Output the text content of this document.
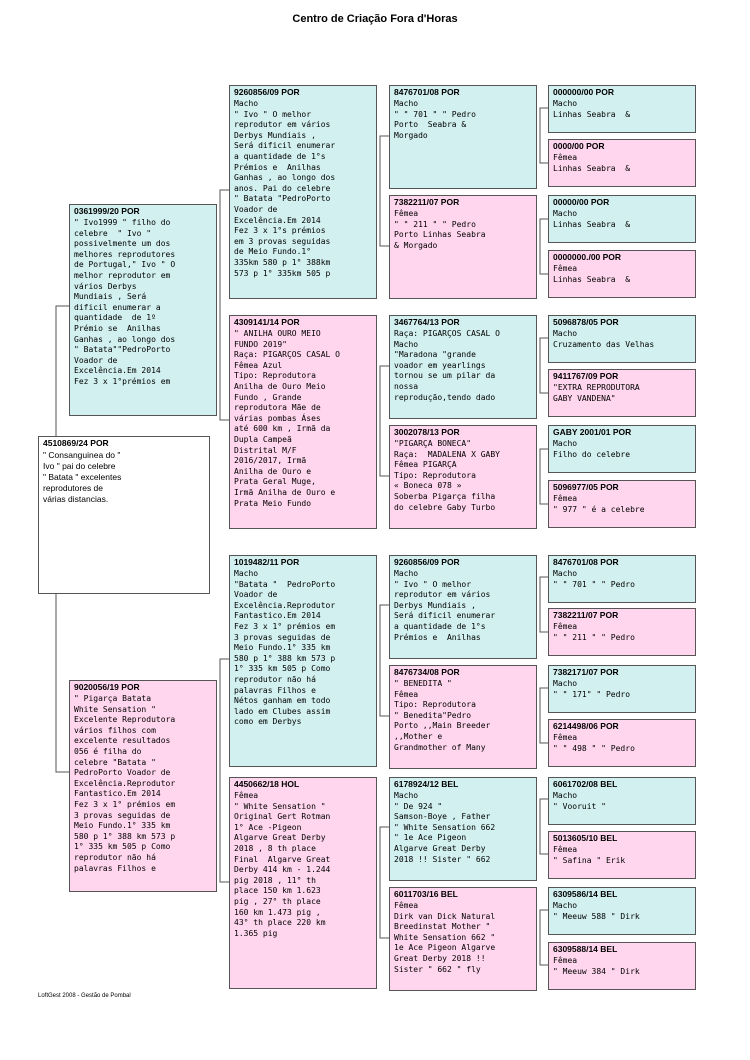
Centro de Criação Fora d'Horas
4510869/24 POR
" Consanguinea do "
Ivo " pai do celebre
" Batata " excelentes
reprodutores de
várias distancias.
0361999/20 POR
" Ivo1999 " filho do
celebre  " Ivo "
possivelmente um dos
melhores reprodutores
de Portugal," Ivo " O
melhor reprodutor em
vários Derbys
Mundiais , Será
dificil enumerar a
quantidade  de 1º
Prémio se  Anilhas
Ganhas , ao longo dos
" Batata""PedroPorto
Voador de
Excelência.Em 2014
Fez 3 x 1°prémios em
9020056/19 POR
" Pigarça Batata
White Sensation "
Excelente Reprodutora
vários filhos com
excelente resultados
056 é filha do
celebre "Batata "
PedroPorto Voador de
Excelência.Reprodutor
Fantastico.Em 2014
Fez 3 x 1° prémios em
3 provas seguidas de
Meio Fundo.1° 335 km
580 p 1° 388 km 573 p
1° 335 km 505 p Como
reprodutor não há
palavras Filhos e
9260856/09 POR
Macho
" Ivo " O melhor
reprodutor em vários
Derbys Mundiais ,
Será dificil enumerar
a quantidade de 1°s
Prémios e  Anilhas
Ganhas , ao longo dos
anos. Pai do celebre
" Batata "PedroPorto
Voador de
Excelência.Em 2014
Fez 3 x 1°s prémios
em 3 provas seguidas
de Meio Fundo.1°
335km 580 p 1° 388km
573 p 1° 335km 505 p
4309141/14 POR
" ANILHA OURO MEIO
FUNDO 2019"
Raça: PIGARÇOS CASAL O
Fêmea Azul
Tipo: Reprodutora
Anilha de Ouro Meio
Fundo , Grande
reprodutora Mãe de
várias pombas Áses
até 600 km , Irmã da
Dupla Campeã
Distrital M/F
2016/2017, Irmã
Anilha de Ouro e
Prata Geral Muge,
Irmã Anilha de Ouro e
Prata Meio Fundo
1019482/11 POR
Macho
"Batata "  PedroPorto
Voador de
Excelência.Reprodutor
Fantastico.Em 2014
Fez 3 x 1° prémios em
3 provas seguidas de
Meio Fundo.1° 335 km
580 p 1° 388 km 573 p
1° 335 km 505 p Como
reprodutor não há
palavras Filhos e
Nétos ganham em todo
lado em Clubes assim
como em Derbys
4450662/18 HOL
Fêmea
" White Sensation "
Original Gert Rotman
1° Ace -Pigeon
Algarve Great Derby
2018 , 8 th place
Final  Algarve Great
Derby 414 km - 1.244
pig 2018 , 11° th
place 150 km 1.623
pig , 27° th place
160 km 1.473 pig ,
43° th place 220 km
1.365 pig
8476701/08 POR
Macho
" " 701 " " Pedro
Porto  Seabra &
Morgado
7382211/07 POR
Fêmea
" " 211 " " Pedro
Porto Linhas Seabra
& Morgado
3467764/13 POR
Raça: PIGARÇOS CASAL O
Macho
"Maradona "grande
voador em yearlings
tornou se um pilar da
nossa
reprodução,tendo dado
3002078/13 POR
"PIGARÇA BONECA"
Raça:  MADALENA X GABY
Fêmea PIGARÇA
Tipo: Reprodutora
« Boneca 078 »
Soberba Pigarça filha
do celebre Gaby Turbo
9260856/09 POR
Macho
" Ivo " O melhor
reprodutor em vários
Derbys Mundiais ,
Será dificil enumerar
a quantidade de 1°s
Prémios e  Anilhas
8476734/08 POR
" BENEDITA "
Fêmea
Tipo: Reprodutora
" Benedita"Pedro
Porto ,,Main Breeder
,,Mother e
Grandmother of Many
6178924/12 BEL
Macho
" De 924 "
Samson-Boye , Father
" White Sensation 662
" 1e Ace Pigeon
Algarve Great Derby
2018 !! Sister " 662
6011703/16 BEL
Fêmea
Dirk van Dick Natural
Breedinstat Mother "
White Sensation 662 "
1e Ace Pigeon Algarve
Great Derby 2018 !!
Sister " 662 " fly
000000/00 POR
Macho
Linhas Seabra  &
0000/00 POR
Fêmea
Linhas Seabra  &
00000/00 POR
Macho
Linhas Seabra  &
0000000./00 POR
Fêmea
Linhas Seabra  &
5096878/05 POR
Macho
Cruzamento das Velhas
9411767/09 POR
"EXTRA REPRODUTORA
GABY VANDENA"
GABY 2001/01 POR
Macho
Filho do celebre
5096977/05 POR
Fêmea
" 977 " é a celebre
8476701/08 POR
Macho
" " 701 " " Pedro
7382211/07 POR
Fêmea
" " 211 " " Pedro
7382171/07 POR
Macho
" " 171" " Pedro
6214498/06 POR
Fêmea
" " 498 " " Pedro
6061702/08 BEL
Macho
" Vooruit "
5013605/10 BEL
Fêmea
" Safina " Erik
6309586/14 BEL
Macho
" Meeuw 588 " Dirk
6309588/14 BEL
Fêmea
" Meeuw 384 " Dirk
LoftGest 2008 - Gestão de Pombal
